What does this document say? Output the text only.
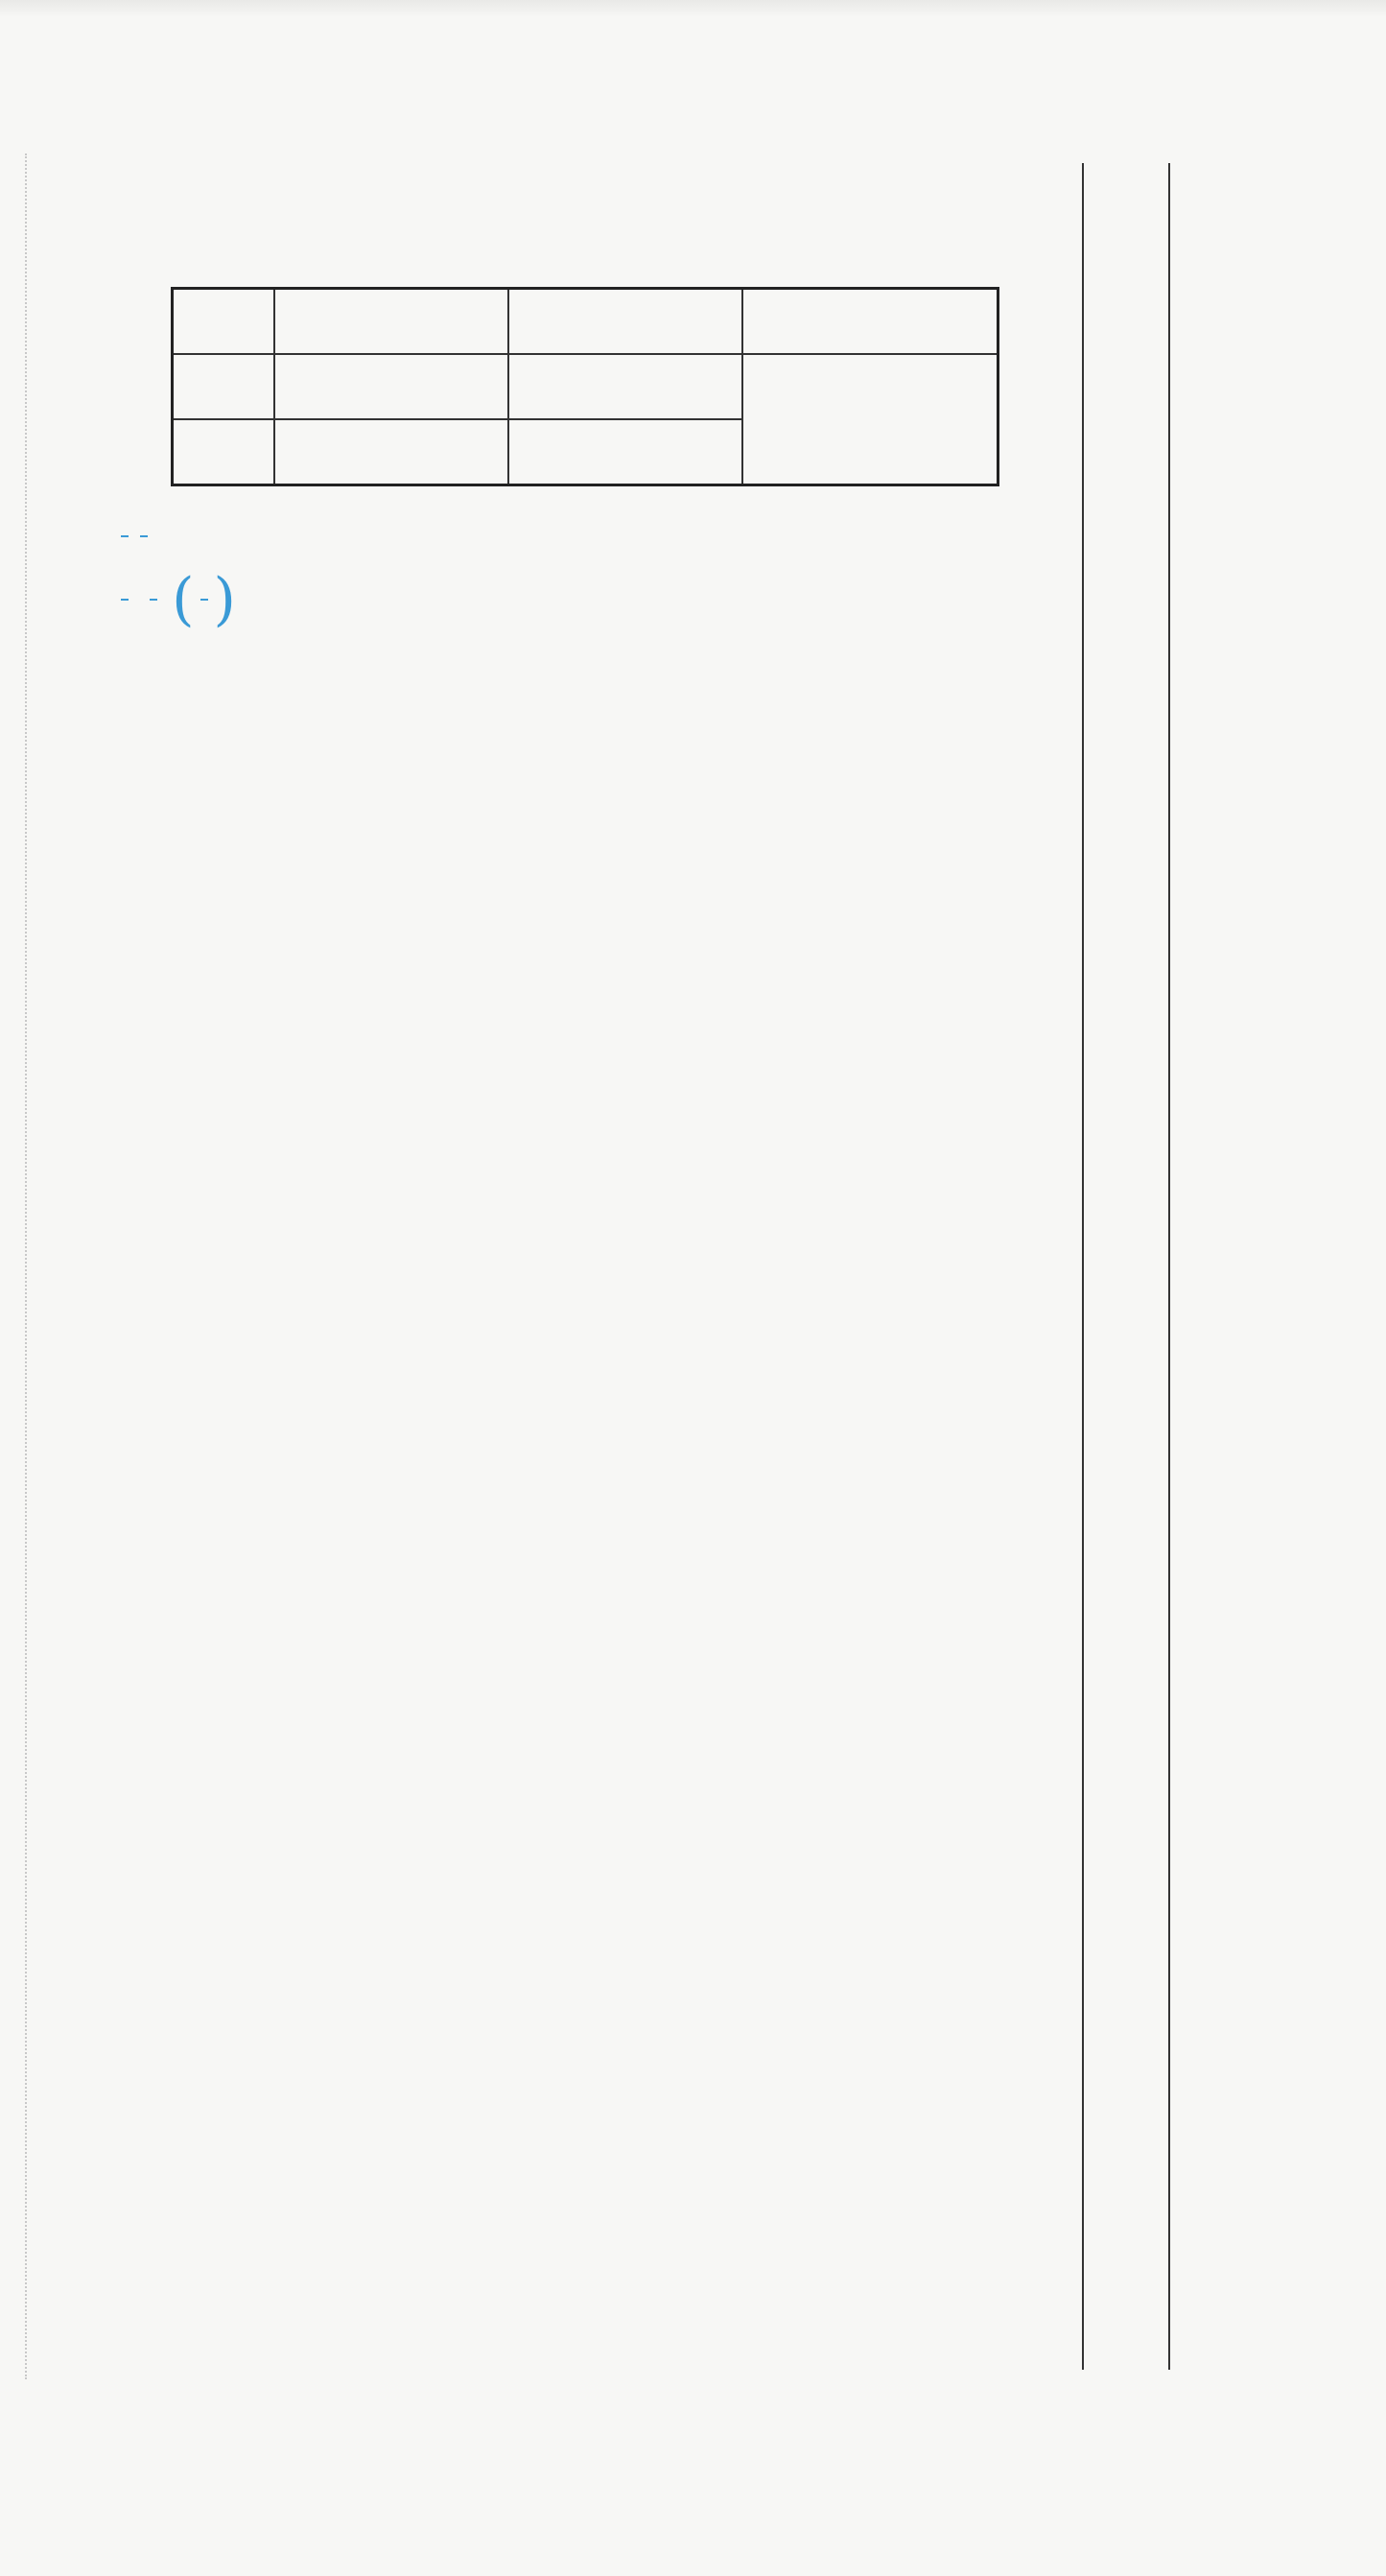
( )
